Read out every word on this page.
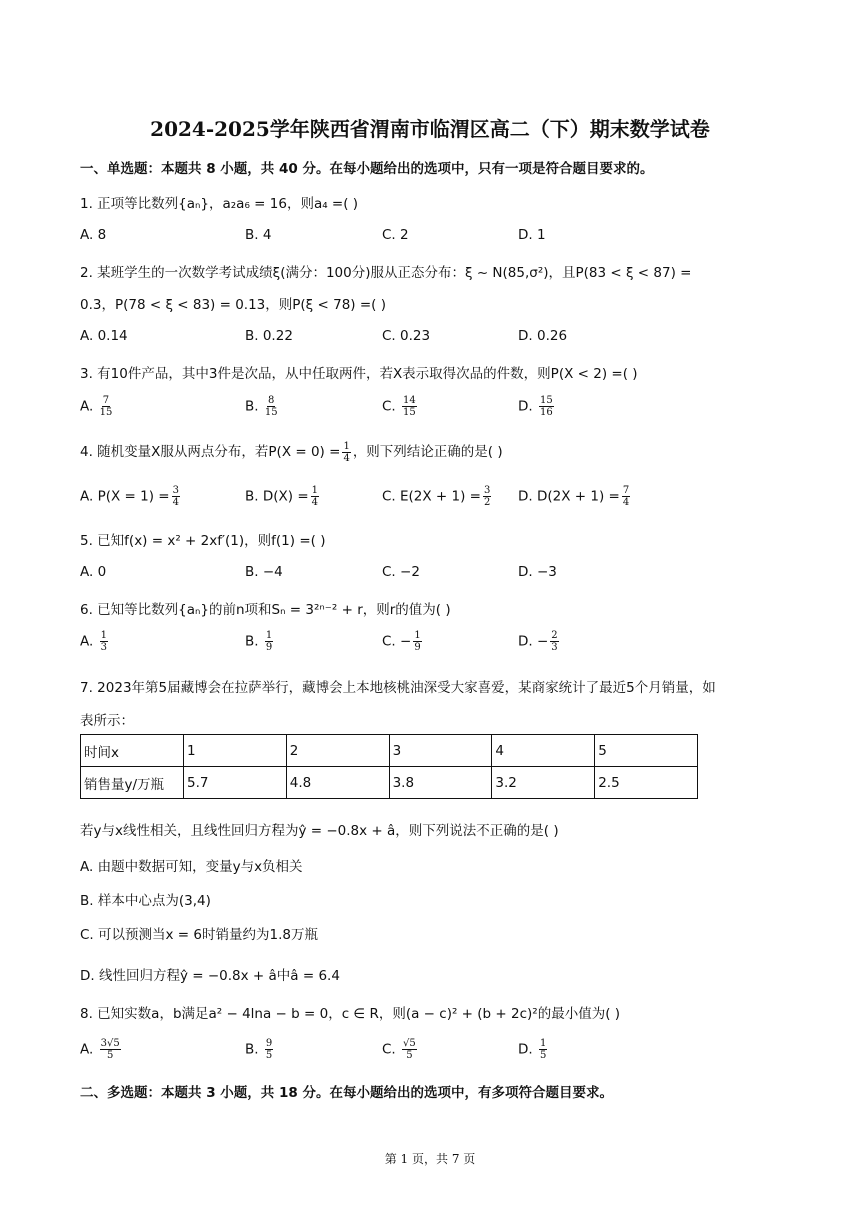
2024-2025学年陕西省渭南市临渭区高二（下）期末数学试卷
一、单选题：本题共 8 小题，共 40 分。在每小题给出的选项中，只有一项是符合题目要求的。
1. 正项等比数列{aₙ}，a₂a₆ = 16，则a₄ =( )
A. 8	B. 4	C. 2	D. 1
2. 某班学生的一次数学考试成绩ξ(满分：100分)服从正态分布：ξ ~ N(85,σ²)，且P(83 < ξ < 87) =
0.3，P(78 < ξ < 83) = 0.13，则P(ξ < 78) =( )
A. 0.14	B. 0.22	C. 0.23	D. 0.26
3. 有10件产品，其中3件是次品，从中任取两件，若X表示取得次品的件数，则P(X < 2) =( )
A. $\frac{7}{15}$	B. $\frac{8}{15}$	C. $\frac{14}{15}$	D. $\frac{15}{16}$
4. 随机变量X服从两点分布，若$P(X = 0) = \frac{1}{4}$ ，则下列结论正确的是( )
A. $P(X = 1) = \frac{3}{4}$	B. $D(X) = \frac{1}{4}$	C. $E(2X + 1) = \frac{3}{2} D$. $D(2X + 1) = \frac{7}{4}$
5. 已知f(x) = x² + 2xf′(1)，则f(1) =( )
A. 0	B. −4	C. −2	D. −3
6. 已知等比数列{aₙ}的前n项和Sₙ = 3²ⁿ⁻² + r，则r的值为( )
A. $\frac{1}{3}$	B. $\frac{1}{9}$	C. − $\frac{1}{9}$	D. − $\frac{2}{3}$
7. 2023年第5届藏博会在拉萨举行，藏博会上本地核桃油深受大家喜爱，某商家统计了最近5个月销量，如
表所示：
时间x	1	2	3	4	5
销售量y/万瓶	5.7	4.8	3.8	3.2	2.5
若y与x线性相关，且线性回归方程为ŷ = −0.8x + â，则下列说法不正确的是( )
A. 由题中数据可知，变量y与x负相关
B. 样本中心点为(3,4)
C. 可以预测当x = 6时销量约为1.8万瓶
D. 线性回归方程ŷ = −0.8x + â中â = 6.4
8. 已知实数a，b满足a² − 4lna − b = 0，c ∈ R，则(a − c)² + (b + 2c)²的最小值为( )
A. $\frac{3√5}{5}$	B. $\frac{9}{5}$	C. $\frac{√5}{5}$	D. $\frac{1}{5}$
二、多选题：本题共 3 小题，共 18 分。在每小题给出的选项中，有多项符合题目要求。
第 1 页，共 7 页
